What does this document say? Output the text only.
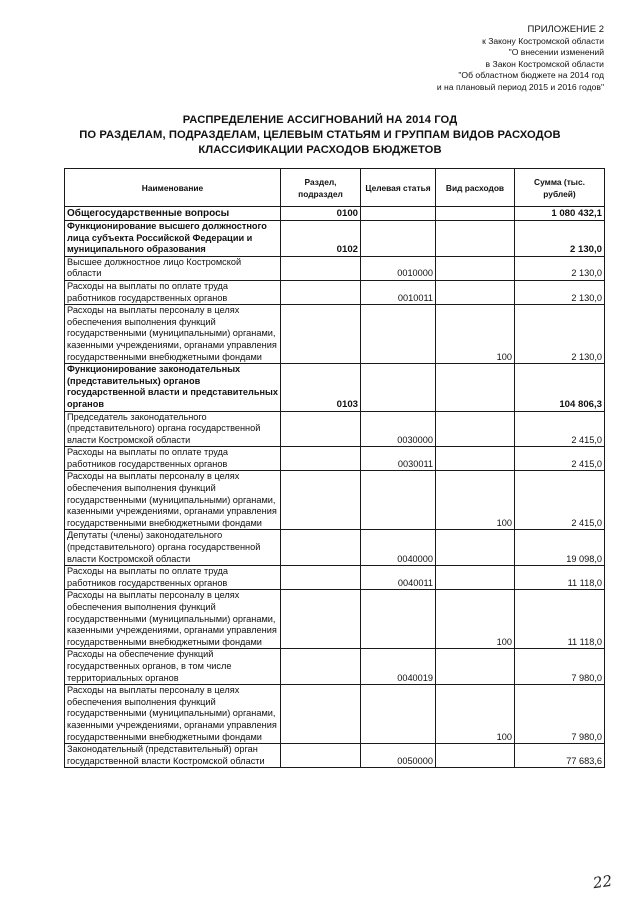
ПРИЛОЖЕНИЕ 2
к Закону Костромской области
"О внесении изменений
в Закон Костромской области
"Об областном бюджете на 2014 год
и на плановый период 2015 и 2016 годов"
РАСПРЕДЕЛЕНИЕ АССИГНОВАНИЙ НА 2014 ГОД
ПО РАЗДЕЛАМ, ПОДРАЗДЕЛАМ, ЦЕЛЕВЫМ СТАТЬЯМ И ГРУППАМ ВИДОВ РАСХОДОВ
КЛАССИФИКАЦИИ РАСХОДОВ БЮДЖЕТОВ
Наименование	Раздел, подраздел	Целевая статья	Вид расходов	Сумма (тыс. рублей)
Общегосударственные вопросы	0100			1 080 432,1
Функционирование высшего должностного лица субъекта Российской Федерации и муниципального образования	0102			2 130,0
Высшее должностное лицо Костромской области		0010000		2 130,0
Расходы на выплаты по оплате труда работников государственных органов		0010011		2 130,0
Расходы на выплаты персоналу в целях обеспечения выполнения функций государственными (муниципальными) органами, казенными учреждениями, органами управления государственными внебюджетными фондами			100	2 130,0
Функционирование законодательных (представительных) органов государственной власти и представительных органов	0103			104 806,3
Председатель законодательного (представительного) органа государственной власти Костромской области		0030000		2 415,0
Расходы на выплаты по оплате труда работников государственных органов		0030011		2 415,0
Расходы на выплаты персоналу в целях обеспечения выполнения функций государственными (муниципальными) органами, казенными учреждениями, органами управления государственными внебюджетными фондами			100	2 415,0
Депутаты (члены) законодательного (представительного) органа государственной власти Костромской области		0040000		19 098,0
Расходы на выплаты по оплате труда работников государственных органов		0040011		11 118,0
Расходы на выплаты персоналу в целях обеспечения выполнения функций государственными (муниципальными) органами, казенными учреждениями, органами управления государственными внебюджетными фондами			100	11 118,0
Расходы на обеспечение функций государственных органов, в том числе территориальных органов		0040019		7 980,0
Расходы на выплаты персоналу в целях обеспечения выполнения функций государственными (муниципальными) органами, казенными учреждениями, органами управления государственными внебюджетными фондами			100	7 980,0
Законодательный (представительный) орган государственной власти Костромской области		0050000		77 683,6
22
